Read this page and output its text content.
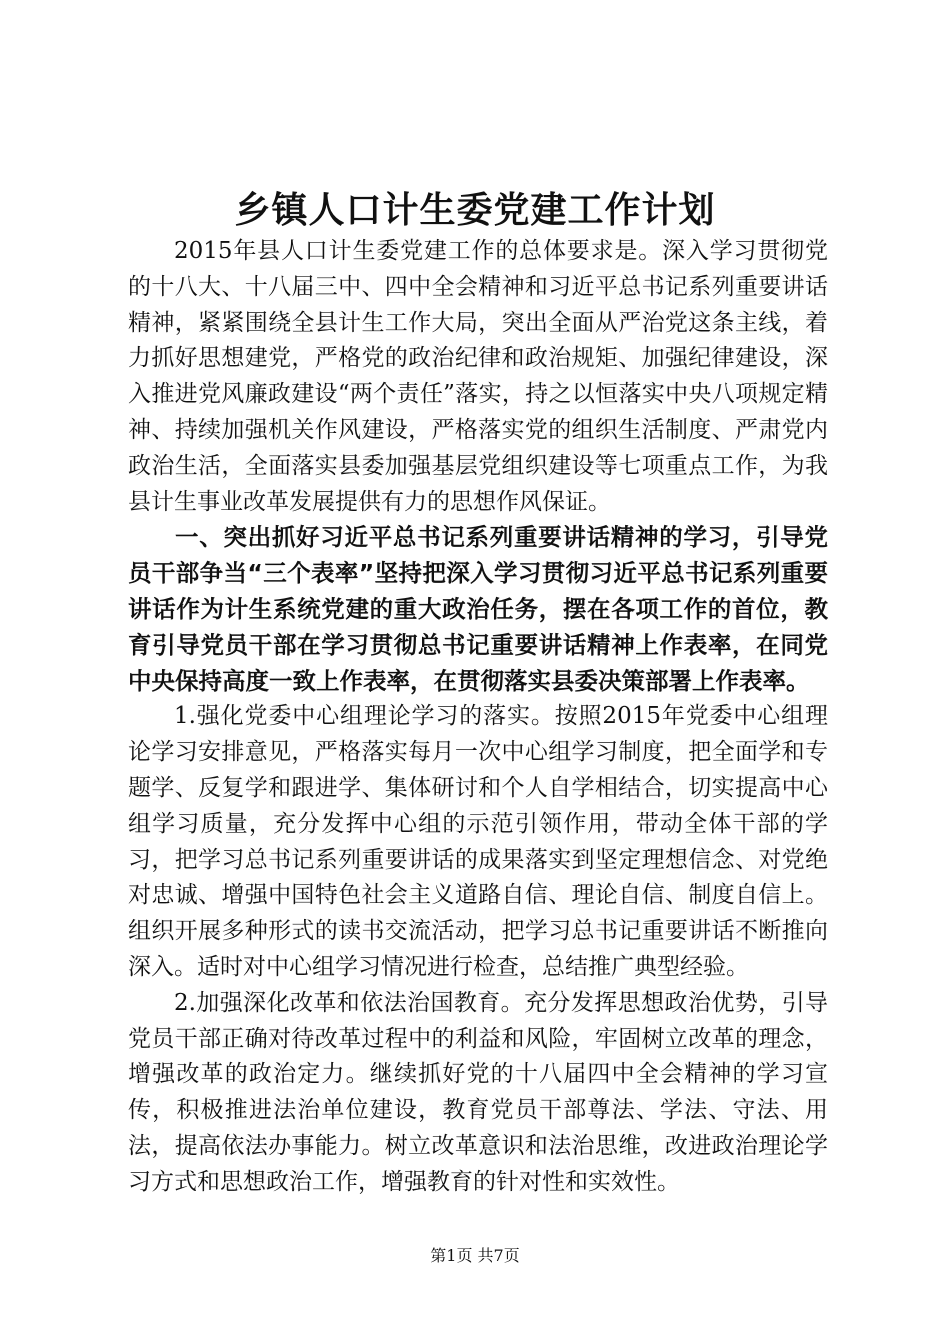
乡镇人口计生委党建工作计划

2015年县人口计生委党建工作的总体要求是。深入学习贯彻党的十八大、十八届三中、四中全会精神和习近平总书记系列重要讲话精神，紧紧围绕全县计生工作大局，突出全面从严治党这条主线，着力抓好思想建党，严格党的政治纪律和政治规矩、加强纪律建设，深入推进党风廉政建设“两个责任”落实，持之以恒落实中央八项规定精神、持续加强机关作风建设，严格落实党的组织生活制度、严肃党内政治生活，全面落实县委加强基层党组织建设等七项重点工作，为我县计生事业改革发展提供有力的思想作风保证。

一、突出抓好习近平总书记系列重要讲话精神的学习，引导党员干部争当“三个表率”坚持把深入学习贯彻习近平总书记系列重要讲话作为计生系统党建的重大政治任务，摆在各项工作的首位，教育引导党员干部在学习贯彻总书记重要讲话精神上作表率，在同党中央保持高度一致上作表率，在贯彻落实县委决策部署上作表率。

1.强化党委中心组理论学习的落实。按照2015年党委中心组理论学习安排意见，严格落实每月一次中心组学习制度，把全面学和专题学、反复学和跟进学、集体研讨和个人自学相结合，切实提高中心组学习质量，充分发挥中心组的示范引领作用，带动全体干部的学习，把学习总书记系列重要讲话的成果落实到坚定理想信念、对党绝对忠诚、增强中国特色社会主义道路自信、理论自信、制度自信上。组织开展多种形式的读书交流活动，把学习总书记重要讲话不断推向深入。适时对中心组学习情况进行检查，总结推广典型经验。

2.加强深化改革和依法治国教育。充分发挥思想政治优势，引导党员干部正确对待改革过程中的利益和风险，牢固树立改革的理念，增强改革的政治定力。继续抓好党的十八届四中全会精神的学习宣传，积极推进法治单位建设，教育党员干部尊法、学法、守法、用法，提高依法办事能力。树立改革意识和法治思维，改进政治理论学习方式和思想政治工作，增强教育的针对性和实效性。

第1页 共7页
